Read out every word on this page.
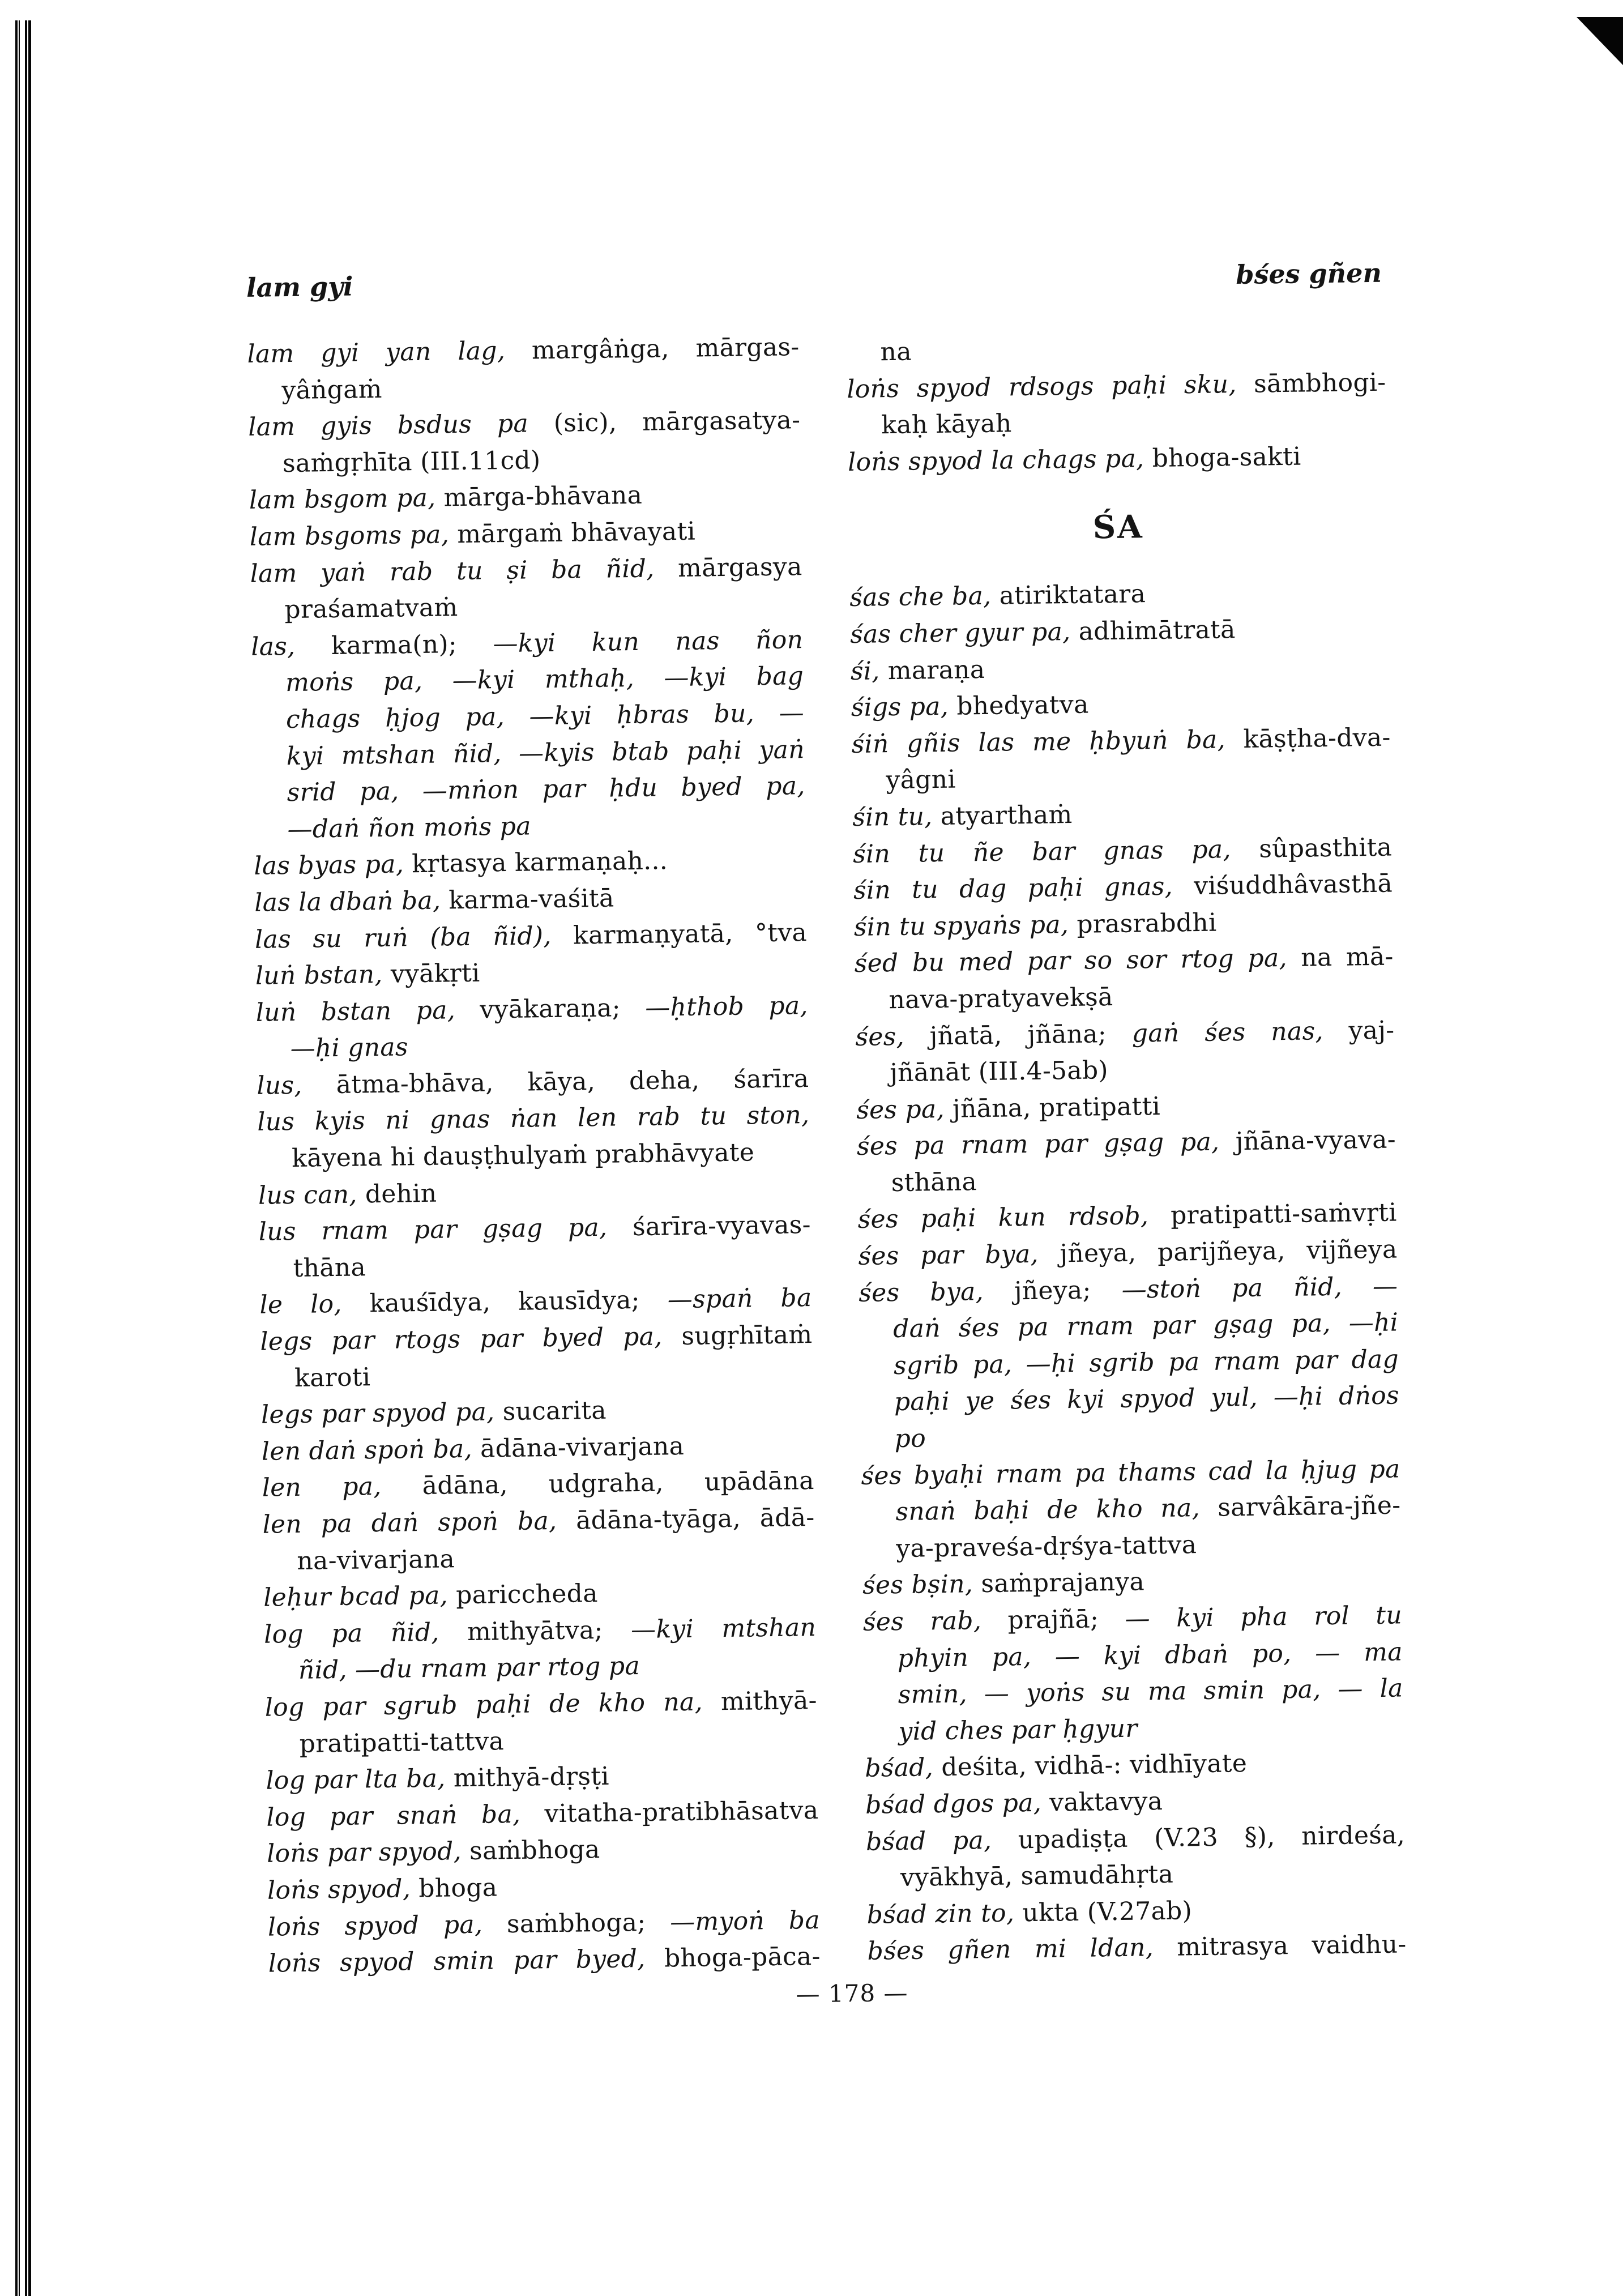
lam gyi	bśes gñen
lam gyi yan lag, margâṅga, mārgas-
yâṅgaṁ
lam gyis bsdus pa (sic), mārgasatya-
saṁgṛhīta (III.11cd)
lam bsgom pa, mārga-bhāvana
lam bsgoms pa, mārgaṁ bhāvayati
lam yaṅ rab tu ṣi ba ñid, mārgasya
praśamatvaṁ
las, karma(n); —kyi kun nas ñon
moṅs pa, —kyi mthaḥ, —kyi bag
chags ḥjog pa, —kyi ḥbras bu, —
kyi mtshan ñid, —kyis btab paḥi yaṅ
srid pa, —mṅon par ḥdu byed pa,
—daṅ ñon moṅs pa
las byas pa, kṛtasya karmaṇaḥ...
las la dbaṅ ba, karma-vaśitā
las su ruṅ (ba ñid), karmaṇyatā, °tva
luṅ bstan, vyākṛti
luṅ bstan pa, vyākaraṇa; —ḥthob pa,
—ḥi gnas
lus, ātma-bhāva, kāya, deha, śarīra
lus kyis ni gnas ṅan len rab tu ston,
kāyena hi dauṣṭhulyaṁ prabhāvyate
lus can, dehin
lus rnam par gṣag pa, śarīra-vyavas-
thāna
le lo, kauśīdya, kausīdya; —spaṅ ba
legs par rtogs par byed pa, sugṛhītaṁ
karoti
legs par spyod pa, sucarita
len daṅ spoṅ ba, ādāna-vivarjana
len pa, ādāna, udgraha, upādāna
len pa daṅ spoṅ ba, ādāna-tyāga, ādā-
na-vivarjana
leḥur bcad pa, pariccheda
log pa ñid, mithyātva; —kyi mtshan
ñid, —du rnam par rtog pa
log par sgrub paḥi de kho na, mithyā-
pratipatti-tattva
log par lta ba, mithyā-dṛṣṭi
log par snaṅ ba, vitatha-pratibhāsatva
loṅs par spyod, saṁbhoga
loṅs spyod, bhoga
loṅs spyod pa, saṁbhoga; —myoṅ ba
loṅs spyod smin par byed, bhoga-pāca-
na
loṅs spyod rdsogs paḥi sku, sāmbhogi-
kaḥ kāyaḥ
loṅs spyod la chags pa, bhoga-sakti
ŚA
śas che ba, atiriktatara
śas cher gyur pa, adhimātratā
śi, maraṇa
śigs pa, bhedyatva
śiṅ gñis las me ḥbyuṅ ba, kāṣṭha-dva-
yâgni
śin tu, atyarthaṁ
śin tu ñe bar gnas pa, sûpasthita
śin tu dag paḥi gnas, viśuddhâvasthā
śin tu spyaṅs pa, prasrabdhi
śed bu med par so sor rtog pa, na mā-
nava-pratyavekṣā
śes, jñatā, jñāna; gaṅ śes nas, yaj-
jñānāt (III.4-5ab)
śes pa, jñāna, pratipatti
śes pa rnam par gṣag pa, jñāna-vyava-
sthāna
śes paḥi kun rdsob, pratipatti-saṁvṛti
śes par bya, jñeya, parijñeya, vijñeya
śes bya, jñeya; —stoṅ pa ñid, —
daṅ śes pa rnam par gṣag pa, —ḥi
sgrib pa, —ḥi sgrib pa rnam par dag
paḥi ye śes kyi spyod yul, —ḥi dṅos
po
śes byaḥi rnam pa thams cad la ḥjug pa
snaṅ baḥi de kho na, sarvâkāra-jñe-
ya-praveśa-dṛśya-tattva
śes bṣin, saṁprajanya
śes rab, prajñā; — kyi pha rol tu
phyin pa, — kyi dbaṅ po, — ma
smin, — yoṅs su ma smin pa, — la
yid ches par ḥgyur
bśad, deśita, vidhā-: vidhīyate
bśad dgos pa, vaktavya
bśad pa, upadiṣṭa (V.23 §), nirdeśa,
vyākhyā, samudāhṛta
bśad zin to, ukta (V.27ab)
bśes gñen mi ldan, mitrasya vaidhu-
— 178 —
